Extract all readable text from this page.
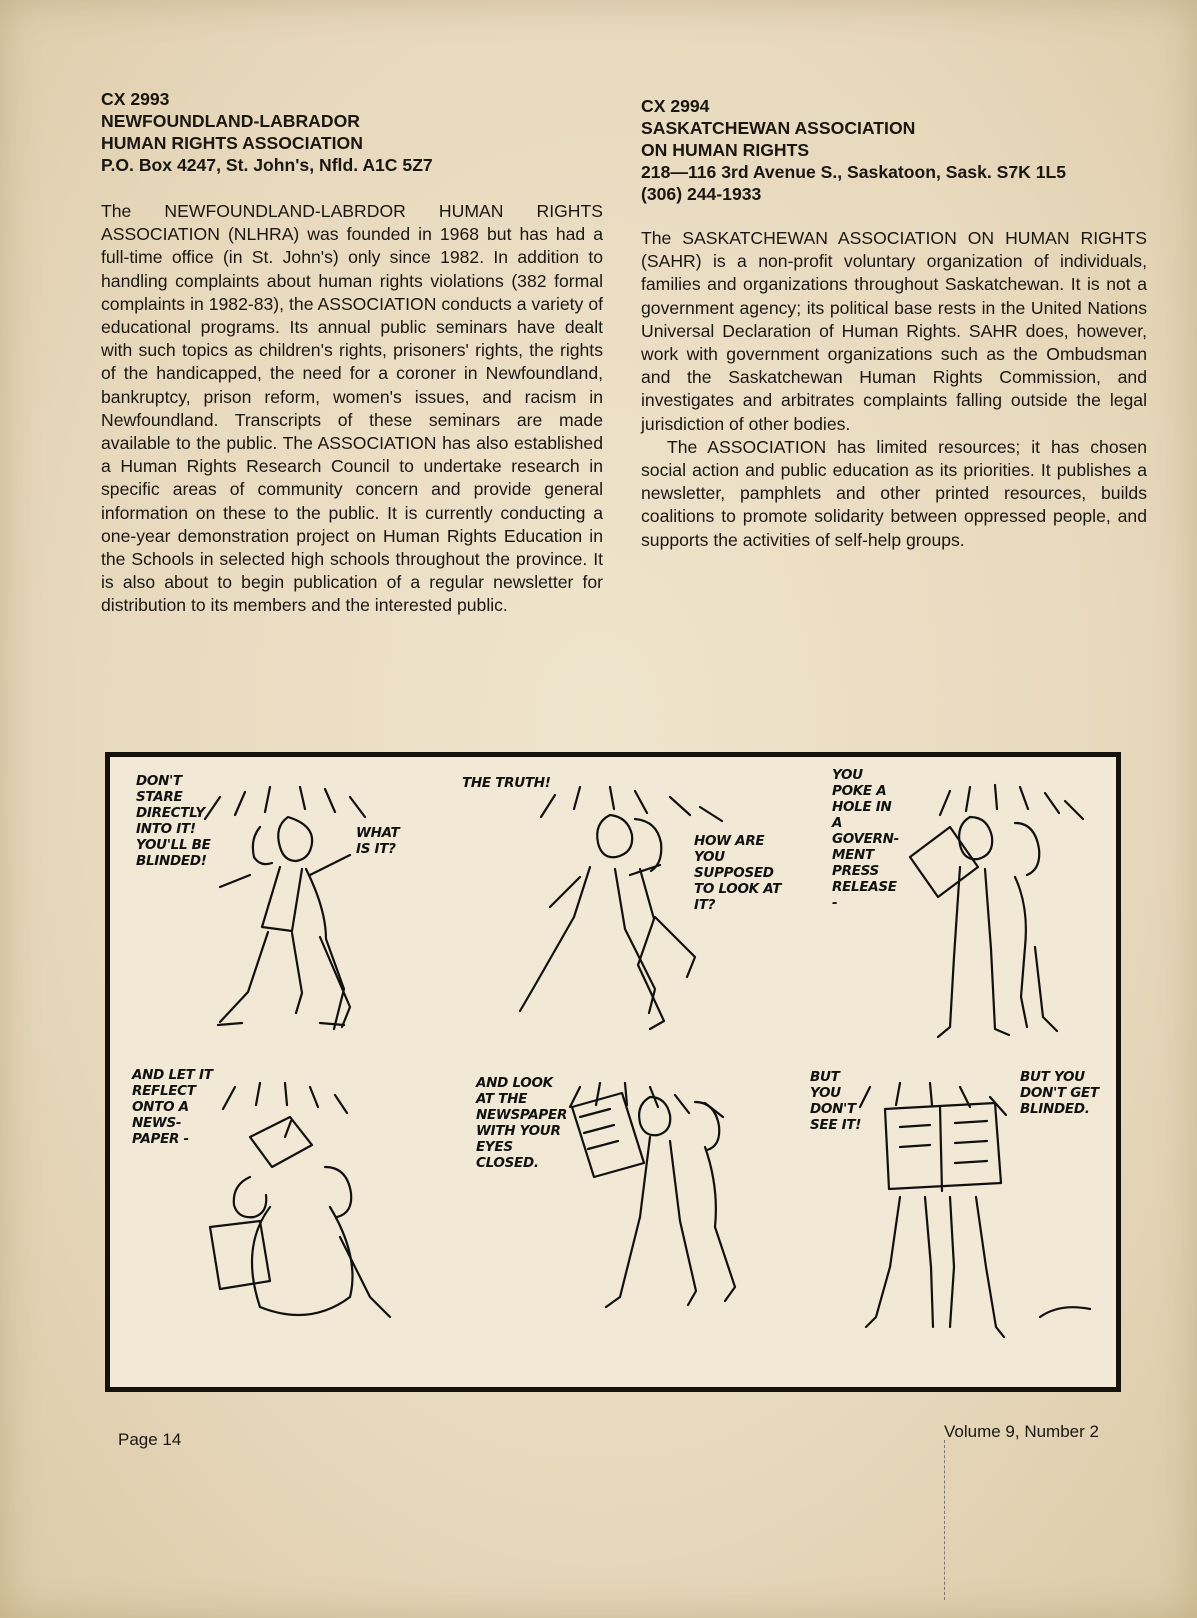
CX 2993
NEWFOUNDLAND-LABRADOR
HUMAN RIGHTS ASSOCIATION
P.O. Box 4247, St. John's, Nfld. A1C 5Z7

The NEWFOUNDLAND-LABRDOR HUMAN RIGHTS ASSOCIATION (NLHRA) was founded in 1968 but has had a full-time office (in St. John's) only since 1982. In addition to handling complaints about human rights violations (382 formal complaints in 1982-83), the ASSOCIATION conducts a variety of educational programs. Its annual public seminars have dealt with such topics as children's rights, prisoners' rights, the rights of the handicapped, the need for a coroner in Newfoundland, bankruptcy, prison reform, women's issues, and racism in Newfoundland. Transcripts of these seminars are made available to the public. The ASSOCIATION has also established a Human Rights Research Council to undertake research in specific areas of community concern and provide general information on these to the public. It is currently conducting a one-year demonstration project on Human Rights Education in the Schools in selected high schools throughout the province. It is also about to begin publication of a regular newsletter for distribution to its members and the interested public.

CX 2994
SASKATCHEWAN ASSOCIATION
ON HUMAN RIGHTS
218—116 3rd Avenue S., Saskatoon, Sask. S7K 1L5
(306) 244-1933

The SASKATCHEWAN ASSOCIATION ON HUMAN RIGHTS (SAHR) is a non-profit voluntary organization of individuals, families and organizations throughout Saskatchewan. It is not a government agency; its political base rests in the United Nations Universal Declaration of Human Rights. SAHR does, however, work with government organizations such as the Ombudsman and the Saskatchewan Human Rights Commission, and investigates and arbitrates complaints falling outside the legal jurisdiction of other bodies.

The ASSOCIATION has limited resources; it has chosen social action and public education as its priorities. It publishes a newsletter, pamphlets and other printed resources, builds coalitions to promote solidarity between oppressed people, and supports the activities of self-help groups.

DON'T STARE DIRECTLY INTO IT! YOU'LL BE BLINDED!
WHAT IS IT?
THE TRUTH!
HOW ARE YOU SUPPOSED TO LOOK AT IT?
YOU POKE A HOLE IN A GOVERN-MENT PRESS RELEASE -
AND LET IT REFLECT ONTO A NEWS-PAPER -
AND LOOK AT THE NEWSPAPER WITH YOUR EYES CLOSED.
BUT YOU DON'T SEE IT!
BUT YOU DON'T GET BLINDED.
Page 14	Volume 9, Number 2
